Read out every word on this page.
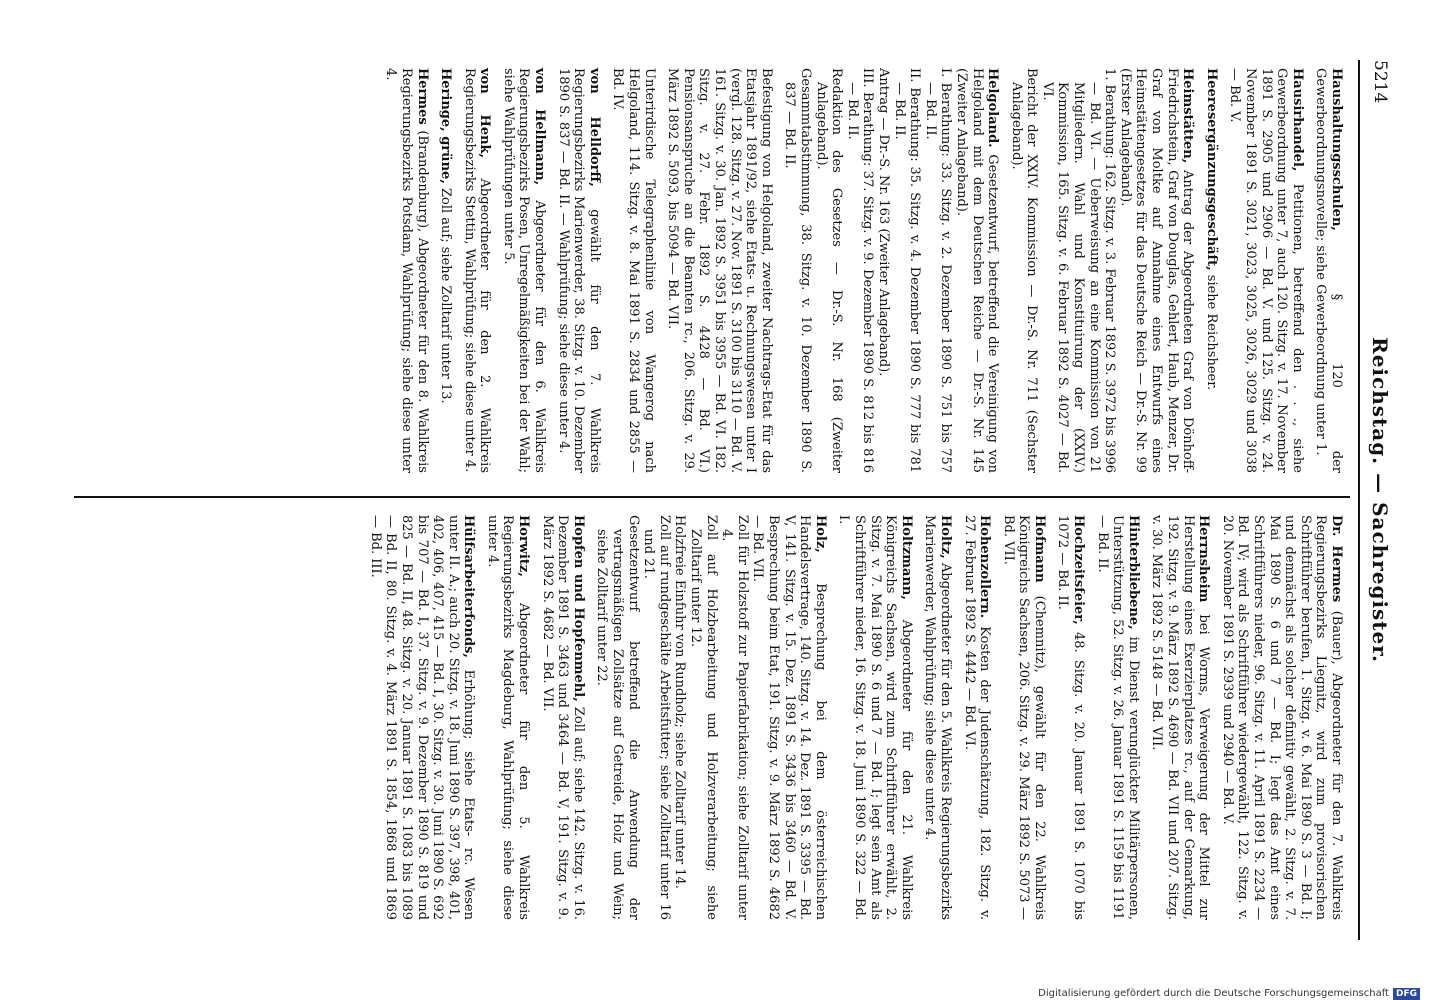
5214
Reichstag. — Sachregister.
Haushaltungsschulen, § 120 der Gewerbeordnungsnovelle; siehe Gewerbeordnung unter 1.
Hausirhandel, Petitionen, betreffend den . . ., siehe Gewerbeordnung unter 7, auch 120. Sitzg. v. 17. November 1891 S. 2905 und 2906 — Bd. V. und 125. Sitzg. v. 24. November 1891 S. 3021, 3023, 3025, 3026, 3029 und 3038 — Bd. V.
Heeresergänzungsgeschäft, siehe Reichsheer.
Heimstätten, Antrag der Abgeordneten Graf von Dönhoff-Friedrichstein, Graf von Douglas, Gehlert, Haub, Menzer, Dr. Graf von Moltke auf Annahme eines Entwurfs eines Heimstättengesetzes für das Deutsche Reich — Dr.-S. Nr. 99 (Erster Anlageband).
1. Berathung: 162. Sitzg. v. 3. Februar 1892 S. 3972 bis 3996 — Bd. VI. — Ueberweisung an eine Kommission von 21 Mitgliedern. Wahl und Konstituirung der (XXIV.) Kommission, 165. Sitzg. v. 6. Februar 1892 S. 4027 — Bd. VI.
Bericht der XXIV. Kommission — Dr.-S. Nr. 711 (Sechster Anlageband).
Helgoland. Gesetzentwurf, betreffend die Vereinigung von Helgoland mit dem Deutschen Reiche — Dr.-S. Nr. 145 (Zweiter Anlageband).
I. Berathung: 33. Sitzg. v. 2. Dezember 1890 S. 751 bis 757 — Bd. II.
II. Berathung: 35. Sitzg. v. 4. Dezember 1890 S. 777 bis 781 — Bd. II.
Antrag — Dr.-S. Nr. 163 (Zweiter Anlageband).
III. Berathung: 37. Sitzg. v. 9. Dezember 1890 S. 812 bis 816 — Bd. II.
Redaktion des Gesetzes — Dr.-S. Nr. 168 (Zweiter Anlageband).
Gesammtabstimmung, 38. Sitzg. v. 10. Dezember 1890 S. 837 — Bd. II.
Befestigung von Helgoland, zweiter Nachtrags-Etat für das Etatsjahr 1891/92, siehe Etats- u. Rechnungswesen unter I (vergl. 128. Sitzg. v. 27. Nov. 1891 S. 3100 bis 3110 — Bd. V. 161. Sitzg. v. 30. Jan. 1892 S. 3951 bis 3955 — Bd. VI. 182. Sitzg. v. 27. Febr. 1892 S. 4428 — Bd. VI.) Pensionsanspruche an die Beamten rc., 206. Sitzg. v. 29. März 1892 S. 5093, bis 5094 — Bd. VII.
Unterirdische Telegraphenlinie von Wangerog nach Helgoland, 114. Sitzg. v. 8. Mai 1891 S. 2834 und 2855 — Bd. IV.
von Helldorff, gewählt für den 7. Wahlkreis Regierungsbezirks Marienwerder, 38. Sitzg. v. 10. Dezember 1890 S. 837 — Bd. II. — Wahlprüfung; siehe diese unter 4.
von Hellmann, Abgeordneter für den 6. Wahlkreis Regierungsbezirks Posen, Unregelmäßigkeiten bei der Wahl; siehe Wahlprüfungen unter 5.
von Henk, Abgeordneter für den 2. Wahlkreis Regierungsbezirks Stettin, Wahlprüfung; siehe diese unter 4.
Heringe, grüne, Zoll auf; siehe Zolltarif unter 13.
Hermes (Brandenburg), Abgeordneter für den 8. Wahlkreis Regierungsbezirks Potsdam, Wahlprüfung; siehe diese unter 4.
Dr. Hermes (Bauer), Abgeordneter für den 7. Wahlkreis Regierungsbezirks Liegnitz, wird zum provisorischen Schriftführer berufen, 1. Sitzg. v. 6. Mai 1890 S. 3 — Bd. I; und demnächst als solcher definitiv gewählt, 2. Sitzg. v. 7. Mai 1890 S. 6 und 7 — Bd. I; legt das Amt eines Schriftführers nieder, 96. Sitzg. v. 11. April 1891 S. 2234 — Bd. IV; wird als Schriftführer wiedergewählt, 122. Sitzg. v. 20. November 1891 S. 2939 und 2940 — Bd. V.
Herrnsheim bei Worms, Verweigerung der Mittel zur Herstellung eines Exerzierplatzes rc., auf der Gemarkung, 192. Sitzg. v. 9. März 1892 S. 4690 — Bd. VII und 207. Sitzg. v. 30. März 1892 S. 5148 — Bd. VII.
Hinterbliebene, im Dienst verunglückter Militärpersonen, Unterstützung, 52. Sitzg. v. 26. Januar 1891 S. 1159 bis 1191 — Bd. II.
Hochzeitsfeier, 48. Sitzg. v. 20. Januar 1891 S. 1070 bis 1072 — Bd. II.
Hofmann (Chemnitz), gewählt für den 22. Wahlkreis Königreichs Sachsen, 206. Sitzg. v. 29. März 1892 S. 5073 — Bd. VII.
Hohenzollern. Kosten der Judenschätzung, 182. Sitzg. v. 27. Februar 1892 S. 4442 — Bd. VI.
Holtz, Abgeordneter für den 5. Wahlkreis Regierungsbezirks Marienwerder, Wahlprüfung; siehe diese unter 4.
Holtzmann, Abgeordneter für den 21. Wahlkreis Königreichs Sachsen, wird zum Schriftführer erwählt, 2. Sitzg. v. 7. Mai 1890 S. 6 und 7 — Bd. I; legt sein Amt als Schriftführer nieder, 16. Sitzg. v. 18. Juni 1890 S. 322 — Bd. I.
Holz, Besprechung bei dem österreichischen Handelsvertrage, 140. Sitzg. v. 14. Dez. 1891 S. 3395 — Bd. V, 141. Sitzg. v. 15. Dez. 1891 S. 3436 bis 3460 — Bd. V. Besprechung beim Etat, 191. Sitzg. v. 9. März 1892 S. 4682 — Bd. VII.
Zoll für Holzstoff zur Papierfabrikation; siehe Zolltarif unter 4.
Zoll auf Holzbearbeitung und Holzverarbeitung; siehe Zolltarif unter 12.
Holzfreie Einfuhr von Rundholz; siehe Zolltarif unter 14.
Zoll auf rundgeschälte Arbeitsfutter; siehe Zolltarif unter 16 und 21.
Gesetzentwurf betreffend die Anwendung der vertragsmäßigen Zollsätze auf Getreide, Holz und Wein; siehe Zolltarif unter 22.
Hopfen und Hopfenmehl, Zoll auf; siehe 142. Sitzg. v. 16. Dezember 1891 S. 3463 und 3464 — Bd. V, 191. Sitzg. v. 9. März 1892 S. 4682 — Bd. VII.
Horwitz, Abgeordneter für den 5. Wahlkreis Regierungsbezirks Magdeburg, Wahlprüfung; siehe diese unter 4.
Hülfsarbeiterfonds, Erhöhung; siehe Etats- rc. Wesen unter II. A.; auch 20. Sitzg. v. 18. Juni 1890 S. 397, 398, 401, 402, 406, 407, 415 — Bd. I, 30. Sitzg. v. 30. Juni 1890 S. 692 bis 707 — Bd. I, 37. Sitzg. v. 9. Dezember 1890 S. 819 und 825 — Bd. II, 48. Sitzg. v. 20. Januar 1891 S. 1083 bis 1089 — Bd. II, 80. Sitzg. v. 4. März 1891 S. 1854, 1868 und 1869 — Bd. III.
Digitalisierung gefördert durch die Deutsche Forschungsgemeinschaft DFG
